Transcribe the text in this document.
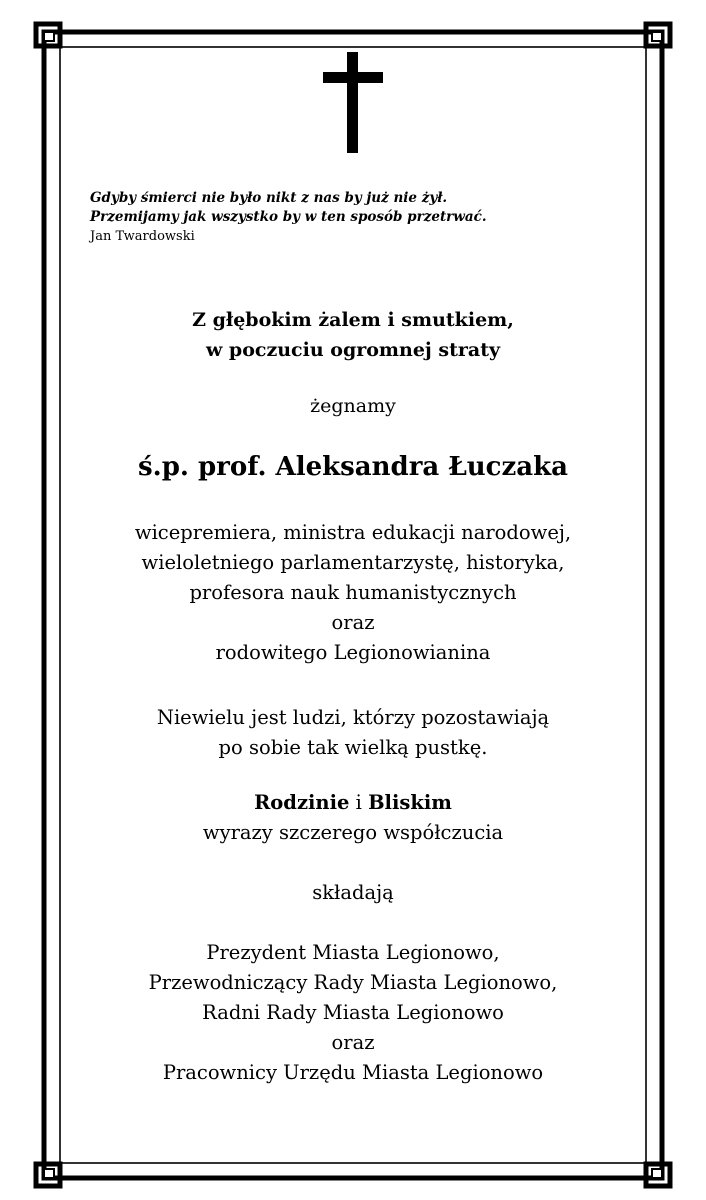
Gdyby śmierci nie było nikt z nas by już nie żył.
Przemijamy jak wszystko by w ten sposób przetrwać.
Jan Twardowski
Z głębokim żalem i smutkiem,
w poczuciu ogromnej straty
żegnamy
ś.p. prof. Aleksandra Łuczaka
wicepremiera, ministra edukacji narodowej,
wieloletniego parlamentarzystę, historyka,
profesora nauk humanistycznych
oraz
rodowitego Legionowianina
Niewielu jest ludzi, którzy pozostawiają
po sobie tak wielką pustkę.
Rodzinie i Bliskim
wyrazy szczerego współczucia
składają
Prezydent Miasta Legionowo,
Przewodniczący Rady Miasta Legionowo,
Radni Rady Miasta Legionowo
oraz
Pracownicy Urzędu Miasta Legionowo
